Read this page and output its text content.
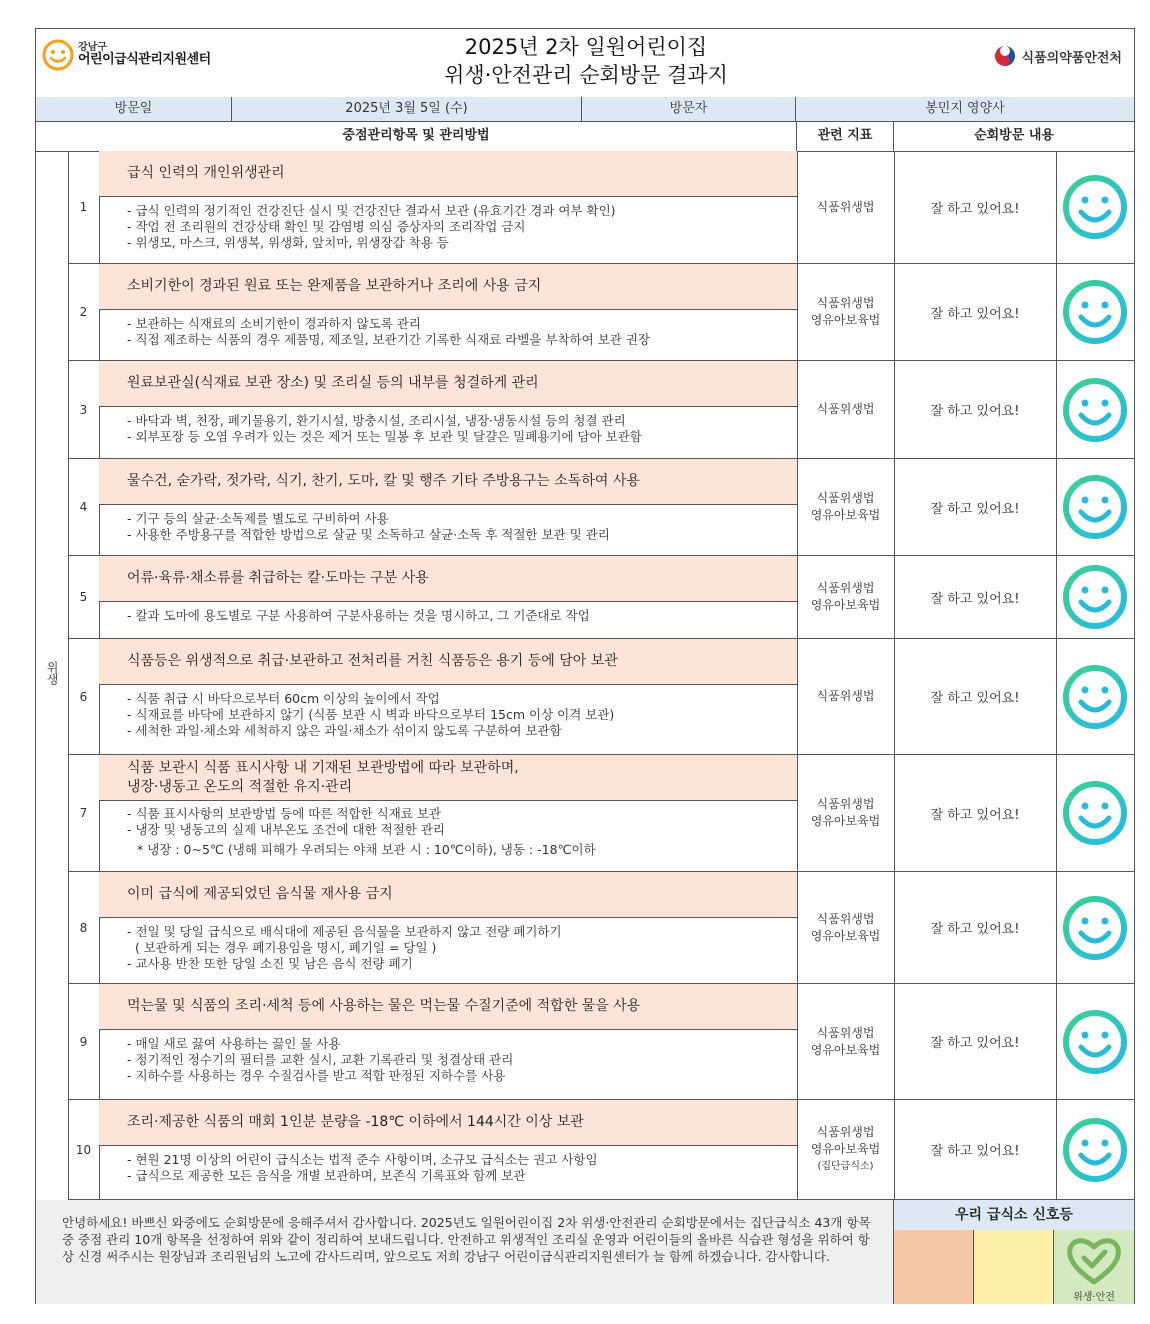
강남구
어린이급식관리지원센터
2025년 2차 일원어린이집
위생·안전관리 순회방문 결과지
식품의약품안전처
방문일	2025년 3월 5일 (수)	방문자	봉민지 영양사
중점관리항목 및 관리방법	관련 지표	순회방문 내용
위생
1
급식 인력의 개인위생관리
- 급식 인력의 정기적인 건강진단 실시 및 건강진단 결과서 보관 (유효기간 경과 여부 확인)
- 작업 전 조리원의 건강상태 확인 및 감염병 의심 증상자의 조리작업 금지
- 위생모, 마스크, 위생복, 위생화, 앞치마, 위생장갑 착용 등
식품위생법	잘 하고 있어요!
2
소비기한이 경과된 원료 또는 완제품을 보관하거나 조리에 사용 금지
- 보관하는 식재료의 소비기한이 경과하지 않도록 관리
- 직접 제조하는 식품의 경우 제품명, 제조일, 보관기간 기록한 식재료 라벨을 부착하여 보관 권장
식품위생법
영유아보육법	잘 하고 있어요!
3
원료보관실(식재료 보관 장소) 및 조리실 등의 내부를 청결하게 관리
- 바닥과 벽, 천장, 폐기물용기, 환기시설, 방충시설, 조리시설, 냉장·냉동시설 등의 청결 관리
- 외부포장 등 오염 우려가 있는 것은 제거 또는 밀봉 후 보관 및 달걀은 밀폐용기에 담아 보관함
식품위생법	잘 하고 있어요!
4
물수건, 숟가락, 젓가락, 식기, 찬기, 도마, 칼 및 행주 기타 주방용구는 소독하여 사용
- 기구 등의 살균·소독제를 별도로 구비하여 사용
- 사용한 주방용구를 적합한 방법으로 살균 및 소독하고 살균·소독 후 적절한 보관 및 관리
식품위생법
영유아보육법	잘 하고 있어요!
5
어류·육류·채소류를 취급하는 칼·도마는 구분 사용
- 칼과 도마에 용도별로 구분 사용하여 구분사용하는 것을 명시하고, 그 기준대로 작업
식품위생법
영유아보육법	잘 하고 있어요!
6
식품등은 위생적으로 취급·보관하고 전처리를 거친 식품등은 용기 등에 담아 보관
- 식품 취급 시 바닥으로부터 60cm 이상의 높이에서 작업
- 식재료를 바닥에 보관하지 않기 (식품 보관 시 벽과 바닥으로부터 15cm 이상 이격 보관)
- 세척한 과일·채소와 세척하지 않은 과일·채소가 섞이지 않도록 구분하여 보관함
식품위생법	잘 하고 있어요!
7
식품 보관시 식품 표시사항 내 기재된 보관방법에 따라 보관하며,
냉장·냉동고 온도의 적절한 유지·관리
- 식품 표시사항의 보관방법 등에 따른 적합한 식재료 보관
- 냉장 및 냉동고의 실제 내부온도 조건에 대한 적절한 관리
* 냉장 : 0~5℃ (냉해 피해가 우려되는 야채 보관 시 : 10℃이하), 냉동 : -18℃이하
식품위생법
영유아보육법	잘 하고 있어요!
8
이미 급식에 제공되었던 음식물 재사용 금지
- 전일 및 당일 급식으로 배식대에 제공된 음식물을 보관하지 않고 전량 폐기하기
( 보관하게 되는 경우 폐기용임을 명시, 폐기일 = 당일 )
- 교사용 반찬 또한 당일 소진 및 남은 음식 전량 폐기
식품위생법
영유아보육법	잘 하고 있어요!
9
먹는물 및 식품의 조리·세척 등에 사용하는 물은 먹는물 수질기준에 적합한 물을 사용
- 매일 새로 끓여 사용하는 끓인 물 사용
- 정기적인 정수기의 필터를 교환 실시, 교환 기록관리 및 청결상태 관리
- 지하수를 사용하는 경우 수질검사를 받고 적합 판정된 지하수를 사용
식품위생법
영유아보육법	잘 하고 있어요!
10
조리·제공한 식품의 매회 1인분 분량을 -18℃ 이하에서 144시간 이상 보관
- 현원 21명 이상의 어린이 급식소는 법적 준수 사항이며, 소규모 급식소는 권고 사항임
- 급식으로 제공한 모든 음식을 개별 보관하며, 보존식 기록표와 함께 보관
식품위생법
영유아보육법
(집단급식소)
잘 하고 있어요!
안녕하세요! 바쁘신 와중에도 순회방문에 응해주셔서 감사합니다. 2025년도 일원어린이집 2차 위생·안전관리 순회방문에서는 집단급식소 43개 항목 중 중점 관리 10개 항목을 선정하여 위와 같이 정리하여 보내드립니다. 안전하고 위생적인 조리실 운영과 어린이들의 올바른 식습관 형성을 위하여 항상 신경 써주시는 원장님과 조리원님의 노고에 감사드리며, 앞으로도 저희 강남구 어린이급식관리지원센터가 늘 함께 하겠습니다. 감사합니다.
우리 급식소 신호등
위생·안전
